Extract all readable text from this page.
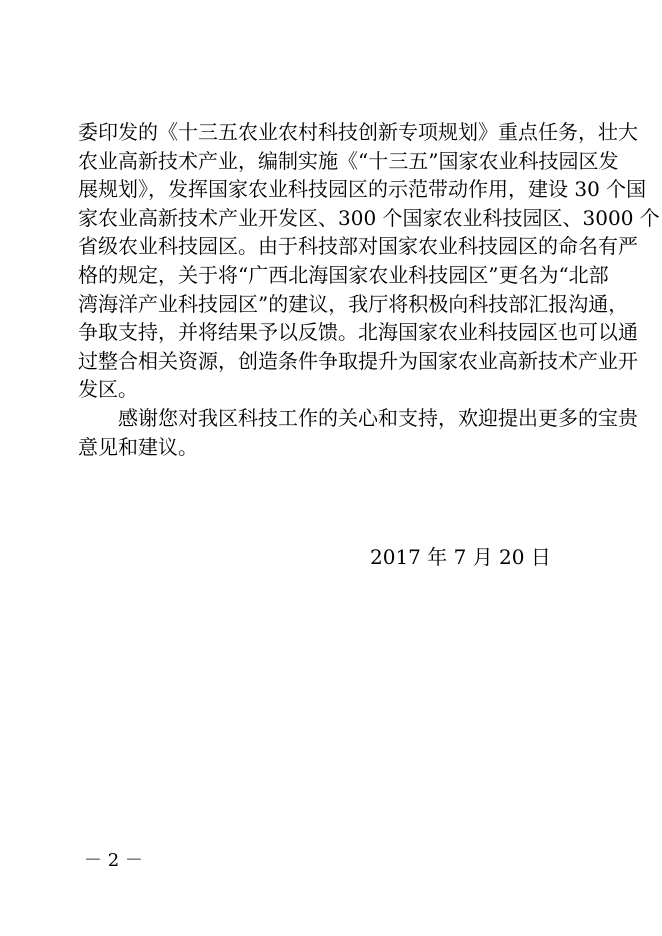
委印发的《十三五农业农村科技创新专项规划》重点任务，壮大
农业高新技术产业，编制实施《“十三五”国家农业科技园区发
展规划》，发挥国家农业科技园区的示范带动作用，建设 30 个国
家农业高新技术产业开发区、300 个国家农业科技园区、3000 个
省级农业科技园区。由于科技部对国家农业科技园区的命名有严
格的规定，关于将“广西北海国家农业科技园区”更名为“北部
湾海洋产业科技园区”的建议，我厅将积极向科技部汇报沟通，
争取支持，并将结果予以反馈。北海国家农业科技园区也可以通
过整合相关资源，创造条件争取提升为国家农业高新技术产业开
发区。
感谢您对我区科技工作的关心和支持，欢迎提出更多的宝贵
意见和建议。
2017 年 7 月 20 日
－ 2 －
